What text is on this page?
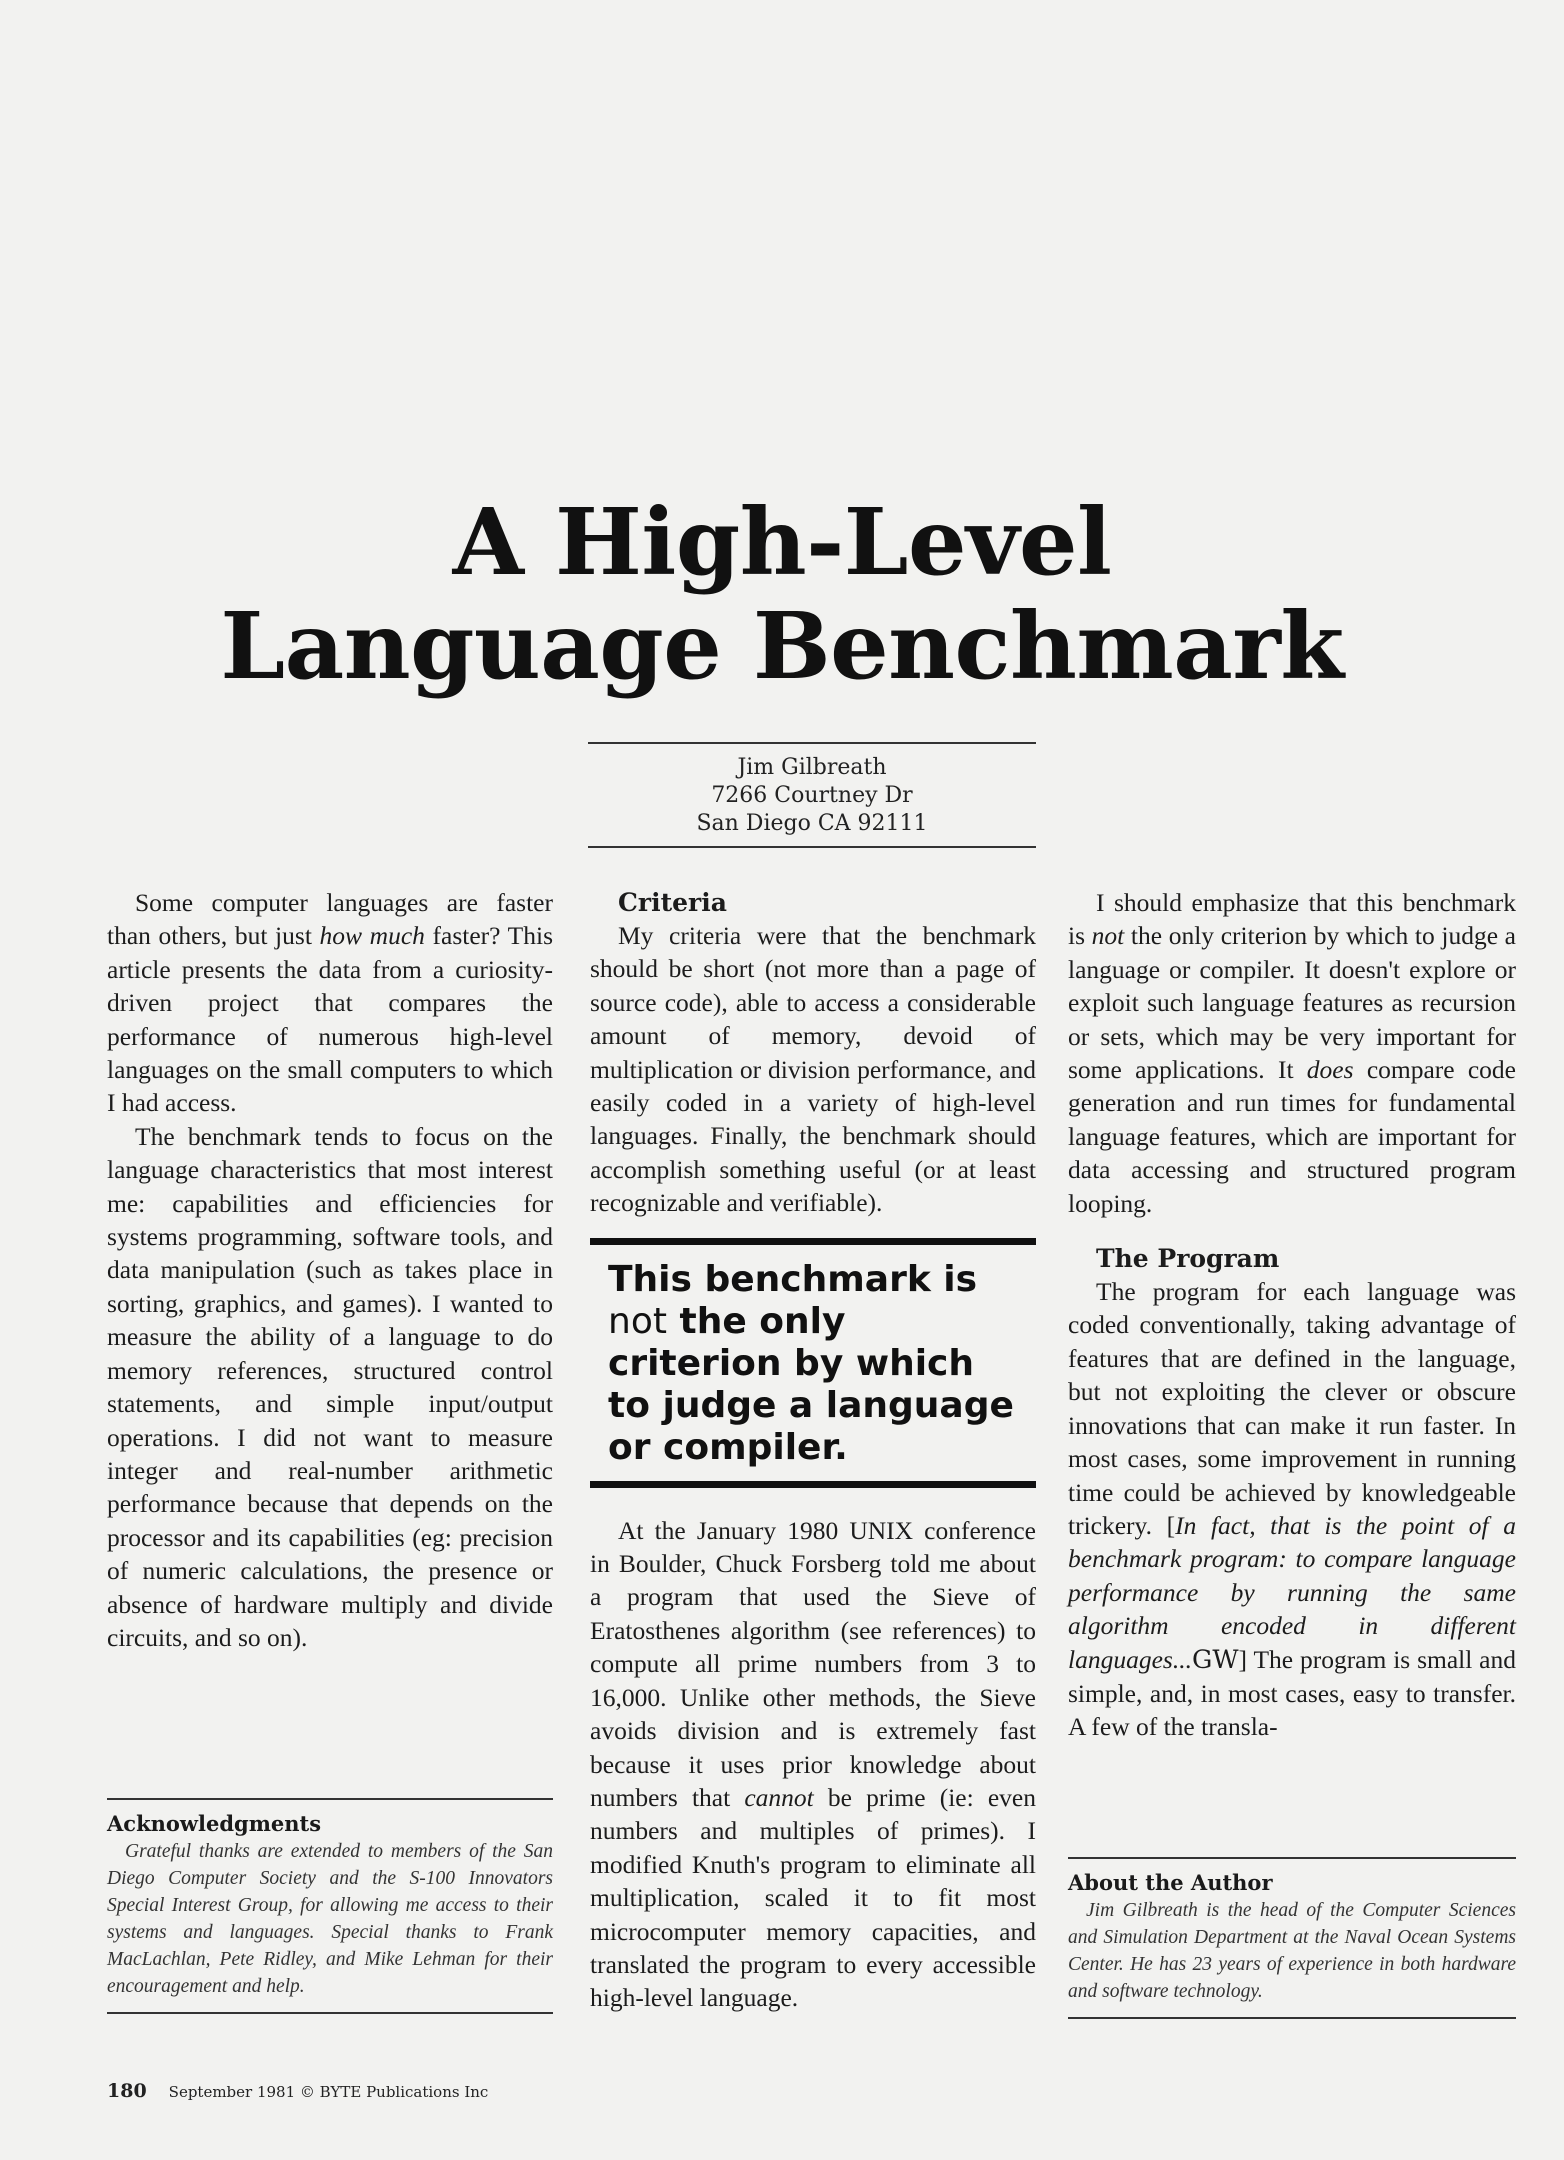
A High-Level
Language Benchmark
Jim Gilbreath
7266 Courtney Dr
San Diego CA 92111

Some computer languages are faster than others, but just how much faster? This article presents the data from a curiosity-driven project that compares the performance of numerous high-level languages on the small computers to which I had access.

The benchmark tends to focus on the language characteristics that most interest me: capabilities and efficiencies for systems programming, software tools, and data manipulation (such as takes place in sorting, graphics, and games). I wanted to measure the ability of a language to do memory references, structured control statements, and simple input/output operations. I did not want to measure integer and real-number arithmetic performance because that depends on the processor and its capabilities (eg: precision of numeric calculations, the presence or absence of hardware multiply and divide circuits, and so on).

Acknowledgments

Grateful thanks are extended to members of the San Diego Computer Society and the S-100 Innovators Special Interest Group, for allowing me access to their systems and languages. Special thanks to Frank MacLachlan, Pete Ridley, and Mike Lehman for their encouragement and help.

Criteria

My criteria were that the benchmark should be short (not more than a page of source code), able to access a considerable amount of memory, devoid of multiplication or division performance, and easily coded in a variety of high-level languages. Finally, the benchmark should accomplish something useful (or at least recognizable and verifiable).

This benchmark is not the only criterion by which to judge a language or compiler.

At the January 1980 UNIX conference in Boulder, Chuck Forsberg told me about a program that used the Sieve of Eratosthenes algorithm (see references) to compute all prime numbers from 3 to 16,000. Unlike other methods, the Sieve avoids division and is extremely fast because it uses prior knowledge about numbers that cannot be prime (ie: even numbers and multiples of primes). I modified Knuth's program to eliminate all multiplication, scaled it to fit most microcomputer memory capacities, and translated the program to every accessible high-level language.

I should emphasize that this benchmark is not the only criterion by which to judge a language or compiler. It doesn't explore or exploit such language features as recursion or sets, which may be very important for some applications. It does compare code generation and run times for fundamental language features, which are important for data accessing and structured program looping.

The Program

The program for each language was coded conventionally, taking advantage of features that are defined in the language, but not exploiting the clever or obscure innovations that can make it run faster. In most cases, some improvement in running time could be achieved by knowledgeable trickery. [In fact, that is the point of a benchmark program: to compare language performance by running the same algorithm encoded in different languages...GW] The program is small and simple, and, in most cases, easy to transfer. A few of the transla-

About the Author

Jim Gilbreath is the head of the Computer Sciences and Simulation Department at the Naval Ocean Systems Center. He has 23 years of experience in both hardware and software technology.

180 September 1981 © BYTE Publications Inc
